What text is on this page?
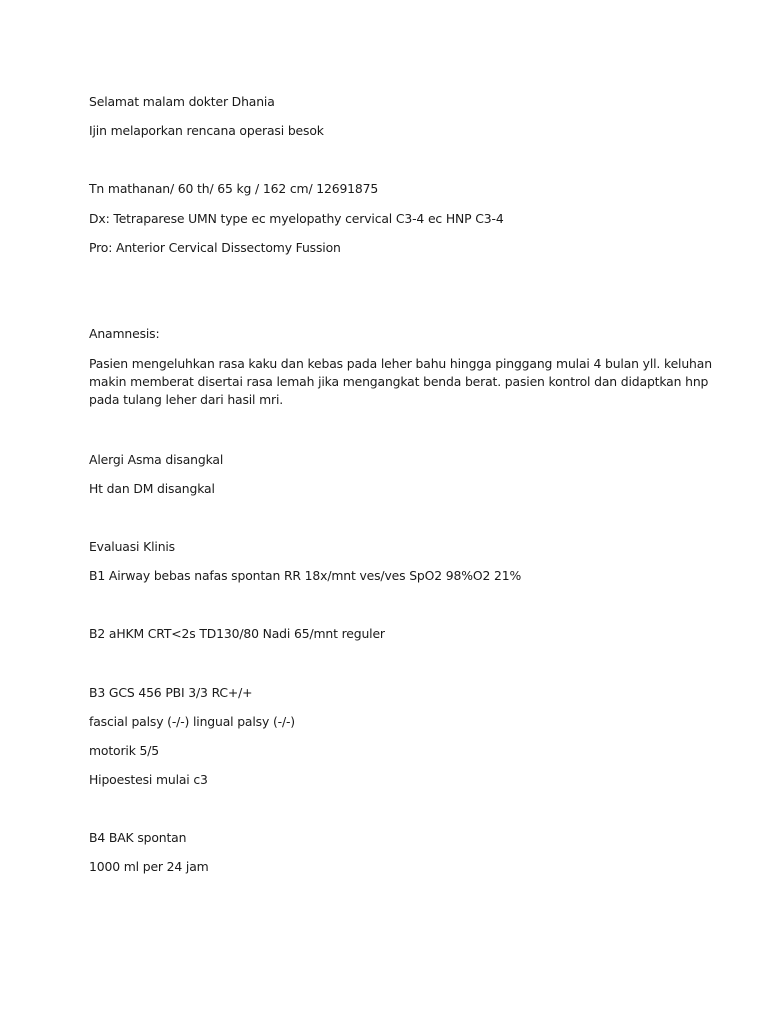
Selamat malam dokter Dhania

Ijin melaporkan rencana operasi besok

Tn mathanan/ 60 th/ 65 kg / 162 cm/ 12691875

Dx: Tetraparese UMN type ec myelopathy cervical C3-4 ec HNP C3-4

Pro: Anterior Cervical Dissectomy Fussion

Anamnesis:

Pasien mengeluhkan rasa kaku dan kebas pada leher bahu hingga pinggang mulai 4 bulan yll. keluhan
makin memberat disertai rasa lemah jika mengangkat benda berat. pasien kontrol dan didaptkan hnp
pada tulang leher dari hasil mri.

Alergi Asma disangkal

Ht dan DM disangkal

Evaluasi Klinis

B1 Airway bebas nafas spontan RR 18x/mnt ves/ves SpO2 98%O2 21%

B2 aHKM CRT<2s TD130/80 Nadi 65/mnt reguler

B3 GCS 456 PBI 3/3 RC+/+

fascial palsy (-/-) lingual palsy (-/-)

motorik 5/5

Hipoestesi mulai c3

B4 BAK spontan

1000 ml per 24 jam
